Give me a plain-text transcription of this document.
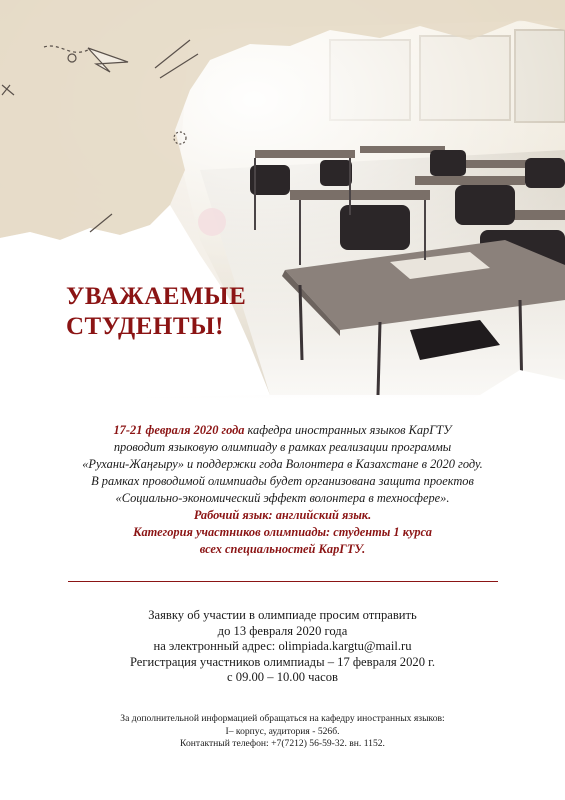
УВАЖАЕМЫЕ
СТУДЕНТЫ!
17-21 февраля 2020 года кафедра иностранных языков КарГТУ
проводит языковую олимпиаду в рамках реализации программы
«Рухани-Жаңғыру» и поддержки года Волонтера в Казахстане в 2020 году.
В рамках проводимой олимпиады будет организована защита проектов
«Социально-экономический эффект волонтера в техносфере».
Рабочий язык: английский язык.
Категория участников олимпиады: студенты 1 курса
всех специальностей КарГТУ.
Заявку об участии в олимпиаде просим отправить
до 13 февраля 2020 года
на электронный адрес: olimpiada.kargtu@mail.ru
Регистрация участников олимпиады – 17 февраля 2020 г.
с 09.00 – 10.00 часов
За дополнительной информацией обращаться на кафедру иностранных языков:
I– корпус, аудитория - 526б.
Контактный телефон: +7(7212) 56-59-32. вн. 1152.
